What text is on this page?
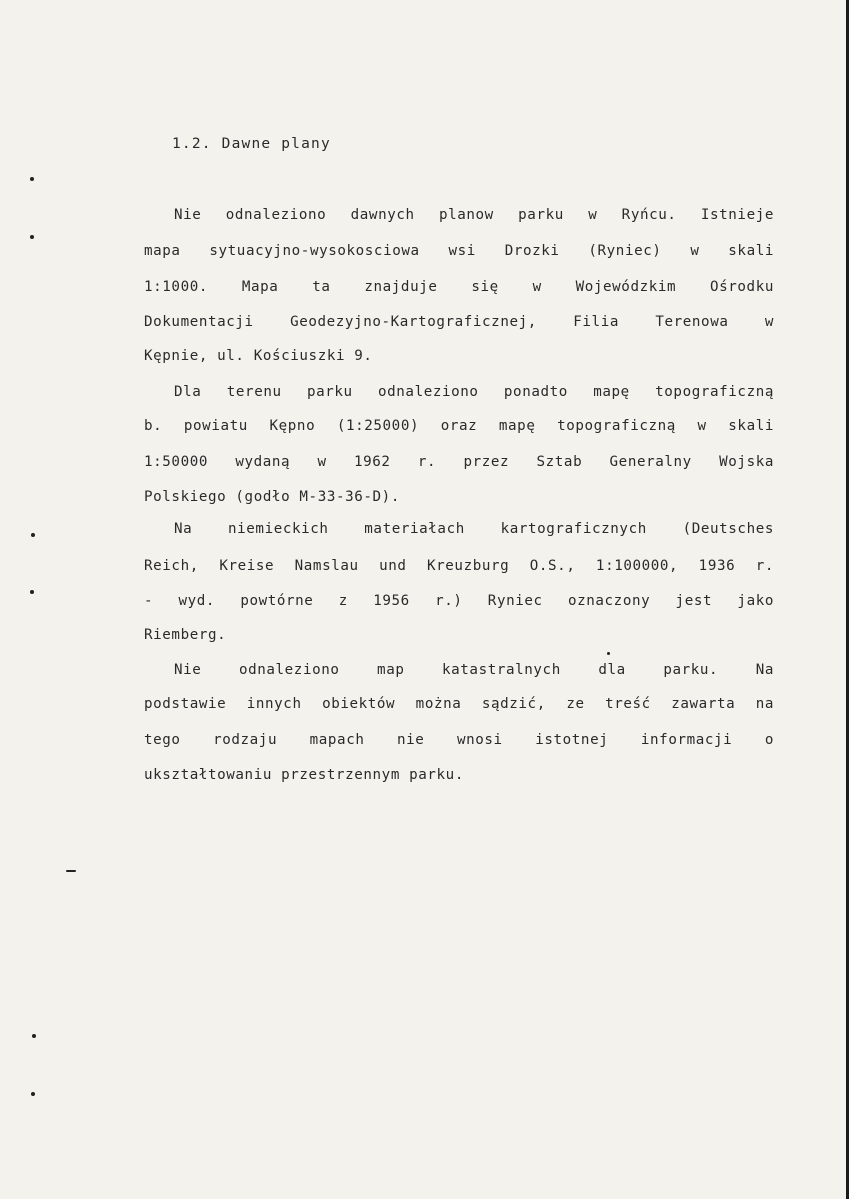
1.2. Dawne plany
Nie odnaleziono dawnych planow parku w Ryńcu. Istnieje
mapa sytuacyjno-wysokosciowa wsi Drozki (Ryniec) w skali
1:1000. Mapa ta znajduje się w Wojewódzkim Ośrodku
Dokumentacji Geodezyjno-Kartograficznej, Filia Terenowa w
Kępnie, ul. Kościuszki 9.
Dla terenu parku odnaleziono ponadto mapę topograficzną
b. powiatu Kępno (1:25000) oraz mapę topograficzną w skali
1:50000 wydaną w 1962 r. przez Sztab Generalny Wojska
Polskiego (godło M-33-36-D).
Na niemieckich materiałach kartograficznych (Deutsches
Reich, Kreise Namslau und Kreuzburg O.S., 1:100000, 1936 r.
- wyd. powtórne z 1956 r.) Ryniec oznaczony jest jako
Riemberg.
Nie odnaleziono map katastralnych dla parku. Na
podstawie innych obiektów można sądzić, ze treść zawarta na
tego rodzaju mapach nie wnosi istotnej informacji o
ukształtowaniu przestrzennym parku.
